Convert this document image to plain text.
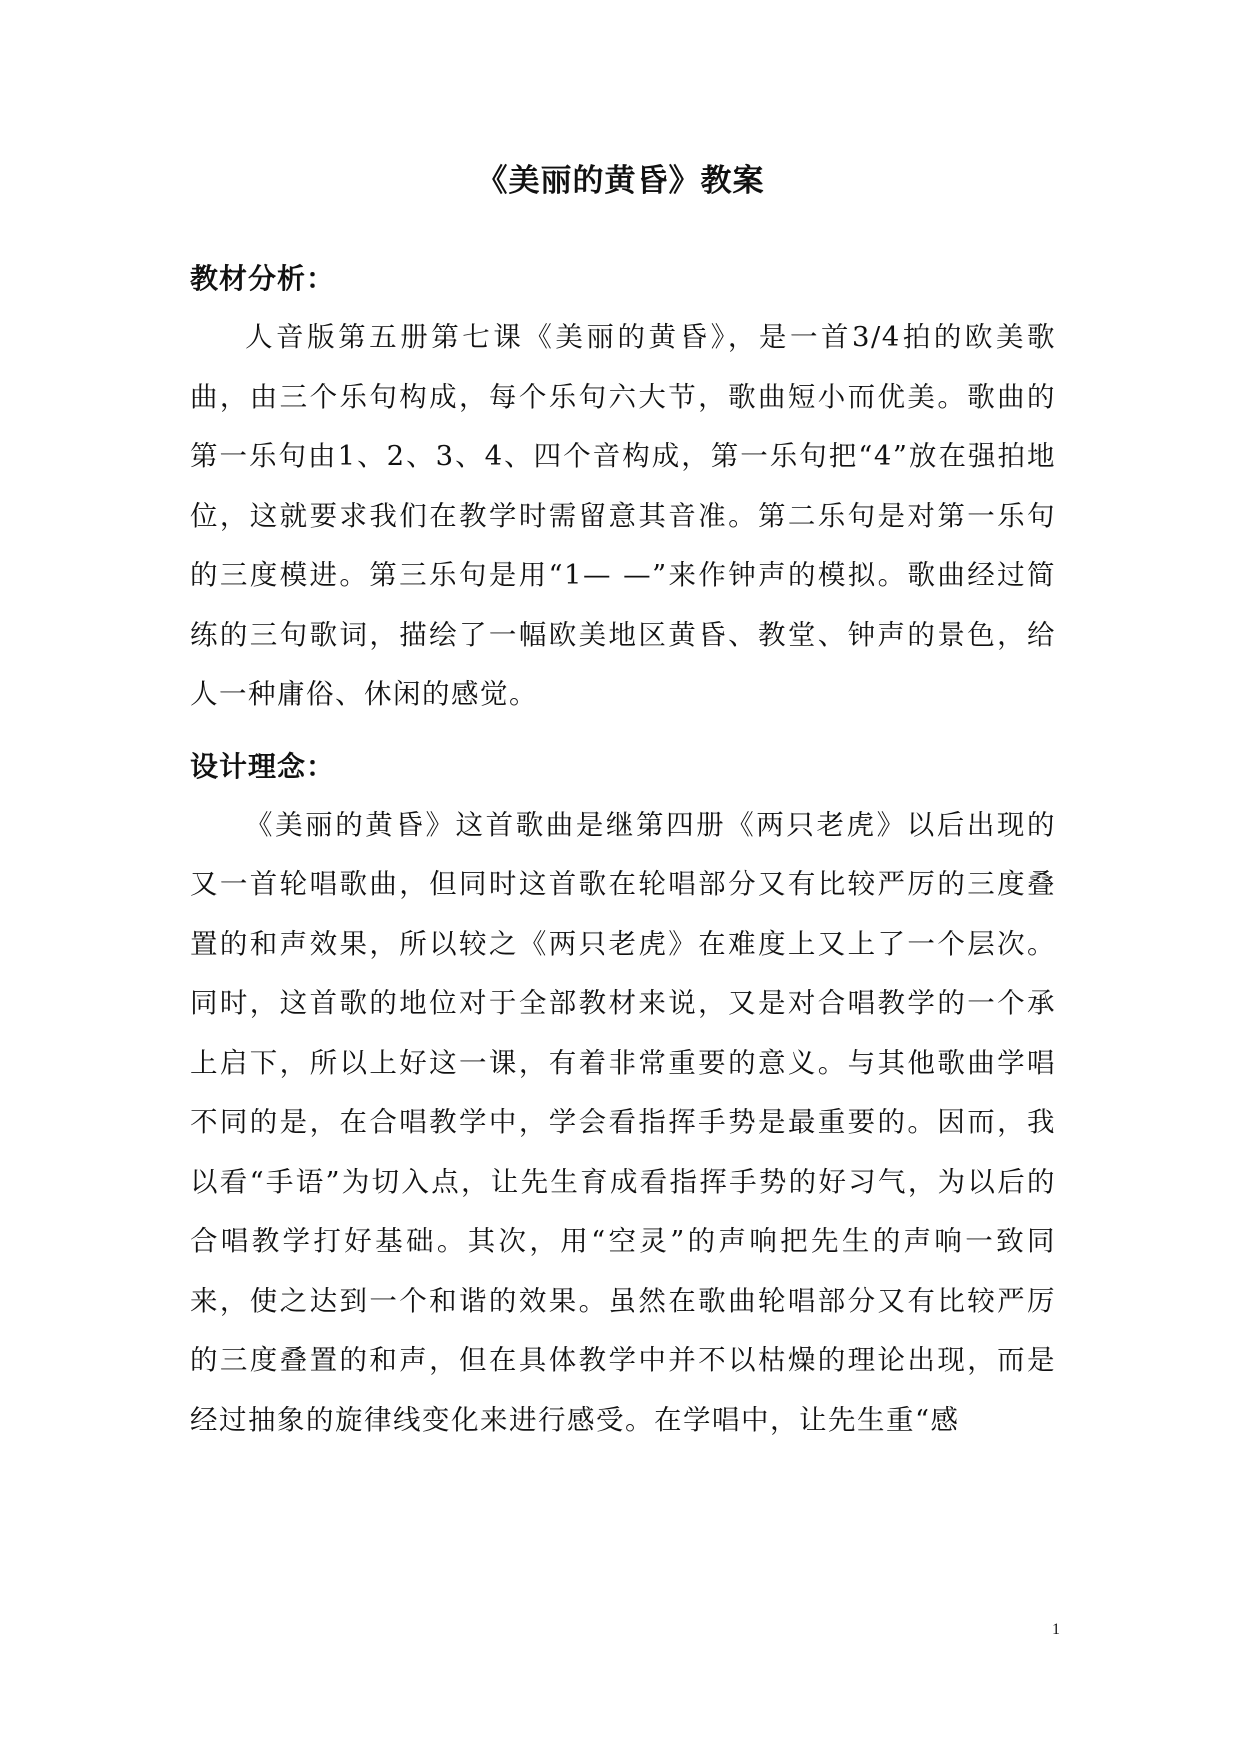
《美丽的黄昏》教案
教材分析：

人音版第五册第七课《美丽的黄昏》，是一首3/4拍的欧美歌曲，由三个乐句构成，每个乐句六大节，歌曲短小而优美。歌曲的第一乐句由1、2、3、4、四个音构成，第一乐句把“4”放在强拍地位，这就要求我们在教学时需留意其音准。第二乐句是对第一乐句的三度模进。第三乐句是用“1— —”来作钟声的模拟。歌曲经过简练的三句歌词，描绘了一幅欧美地区黄昏、教堂、钟声的景色，给人一种庸俗、休闲的感觉。

设计理念：

《美丽的黄昏》这首歌曲是继第四册《两只老虎》以后出现的又一首轮唱歌曲，但同时这首歌在轮唱部分又有比较严厉的三度叠置的和声效果，所以较之《两只老虎》在难度上又上了一个层次。同时，这首歌的地位对于全部教材来说，又是对合唱教学的一个承上启下，所以上好这一课，有着非常重要的意义。与其他歌曲学唱不同的是，在合唱教学中，学会看指挥手势是最重要的。因而，我以看“手语”为切入点，让先生育成看指挥手势的好习气，为以后的合唱教学打好基础。其次，用“空灵”的声响把先生的声响一致同来，使之达到一个和谐的效果。虽然在歌曲轮唱部分又有比较严厉的三度叠置的和声，但在具体教学中并不以枯燥的理论出现，而是经过抽象的旋律线变化来进行感受。在学唱中，让先生重“感

1
